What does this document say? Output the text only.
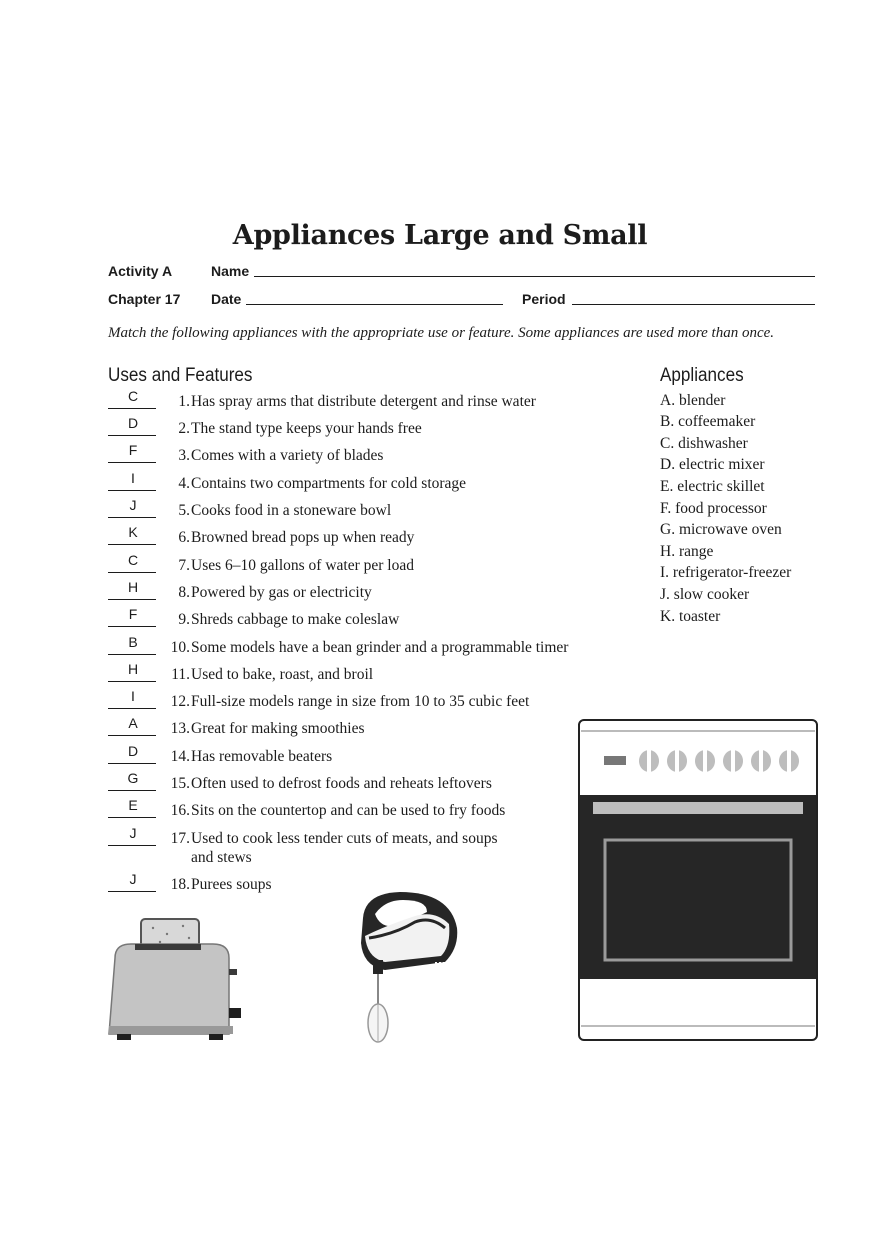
Appliances Large and Small
Activity A	Name
Chapter 17 Date	Period
Match the following appliances with the appropriate use or feature. Some appliances are used more than once.
Uses and Features	Appliances
C	1. Has spray arms that distribute detergent and rinse water
D	2. The stand type keeps your hands free
F	3. Comes with a variety of blades
I	4. Contains two compartments for cold storage
J	5. Cooks food in a stoneware bowl
K	6. Browned bread pops up when ready
C	7. Uses 6–10 gallons of water per load
H	8. Powered by gas or electricity
F	9. Shreds cabbage to make coleslaw
B	10. Some models have a bean grinder and a programmable timer
H	11. Used to bake, roast, and broil
I	12. Full-size models range in size from 10 to 35 cubic feet
A	13. Great for making smoothies
D	14. Has removable beaters
G	15. Often used to defrost foods and reheats leftovers
E	16. Sits on the countertop and can be used to fry foods
J	17. Used to cook less tender cuts of meats, and soups
and stews
J	18. Purees soups
A. blender
B. coffeemaker
C. dishwasher
D. electric mixer
E. electric skillet
F. food processor
G. microwave oven
H. range
I. refrigerator-freezer
J. slow cooker
K. toaster
